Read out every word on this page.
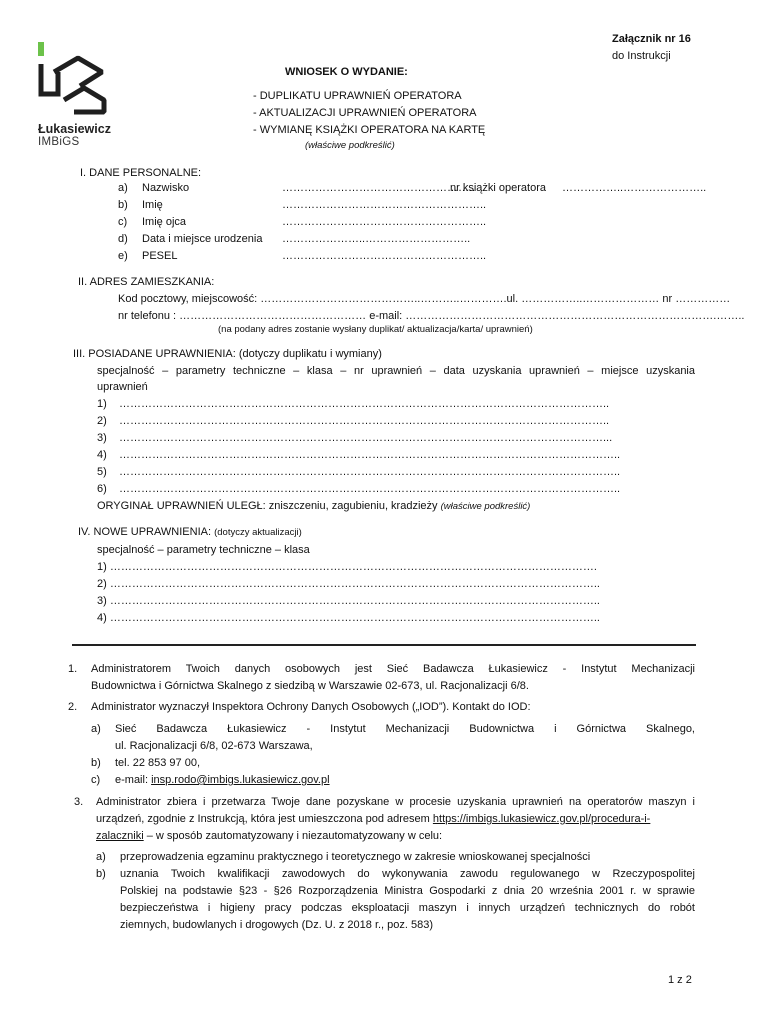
Łukasiewicz
IMBiGS
Załącznik nr 16
do Instrukcji
WNIOSEK O WYDANIE:
- DUPLIKATU UPRAWNIEŃ OPERATORA
- AKTUALIZACJI UPRAWNIEŃ OPERATORA
- WYMIANĘ KSIĄŻKI OPERATORA NA KARTĘ
(właściwe podkreślić)
I. DANE PERSONALNE:
a) Nazwisko	……………………………………………..
nr książki operatora ……………..…………………..
b) Imię	………………………………………………..
c) Imię ojca	………………………………………………..
d) Data i miejsce urodzenia …………………..………………………..
e) PESEL	………………………………………………..
II. ADRES ZAMIESZKANIA:
Kod pocztowy, miejscowość: ……………………………………..………..………….ul. ……………..………………… nr ……………
nr telefonu : …………………………………………… e-mail: ………………………………………………………………………….……..
(na podany adres zostanie wysłany duplikat/ aktualizacja/karta/ uprawnień)
III. POSIADANE UPRAWNIENIA: (dotyczy duplikatu i wymiany)
specjalność – parametry techniczne – klasa – nr uprawnień – data uzyskania uprawnień – miejsce uzyskania
uprawnień
1) ……………………………………………………………………………………………………………………..
2) ……………………………………………………………………………………………………………………..
3) ……………………………………………………………………………………………………………………...
4) ………………………………………………………………………………………………………………………..
5) ………………………………………………………………………………………………………………………..
6) ………………………………………………………………………………………………………………………..
ORYGINAŁ UPRAWNIEŃ ULEGŁ: zniszczeniu, zagubieniu, kradzieży (właściwe podkreślić)
IV. NOWE UPRAWNIENIA: (dotyczy aktualizacji)
specjalność – parametry techniczne – klasa
1) …………………………………………………………………………………………………………………….
2) ……………………………………………………………………………………………………………………..
3) ……………………………………………………………………………………………………………………..
4) ……………………………………………………………………………………………………………………..
1. Administratorem Twoich danych osobowych jest Sieć Badawcza Łukasiewicz - Instytut Mechanizacji
Budownictwa i Górnictwa Skalnego z siedzibą w Warszawie 02-673, ul. Racjonalizacji 6/8.
2. Administrator wyznaczył Inspektora Ochrony Danych Osobowych („IOD”). Kontakt do IOD:
a) Sieć Badawcza Łukasiewicz - Instytut Mechanizacji Budownictwa i Górnictwa Skalnego,
ul. Racjonalizacji 6/8, 02-673 Warszawa,
b) tel. 22 853 97 00,
c) e-mail: insp.rodo@imbigs.lukasiewicz.gov.pl
3. Administrator zbiera i przetwarza Twoje dane pozyskane w procesie uzyskania uprawnień na operatorów maszyn i
urządzeń, zgodnie z Instrukcją, która jest umieszczona pod adresem https://imbigs.lukasiewicz.gov.pl/procedura-i-
zalaczniki – w sposób zautomatyzowany i niezautomatyzowany w celu:
a) przeprowadzenia egzaminu praktycznego i teoretycznego w zakresie wnioskowanej specjalności
b) uznania Twoich kwalifikacji zawodowych do wykonywania zawodu regulowanego w Rzeczypospolitej
Polskiej na podstawie §23 - §26 Rozporządzenia Ministra Gospodarki z dnia 20 września 2001 r. w sprawie
bezpieczeństwa i higieny pracy podczas eksploatacji maszyn i innych urządzeń technicznych do robót
ziemnych, budowlanych i drogowych (Dz. U. z 2018 r., poz. 583)
1 z 2
